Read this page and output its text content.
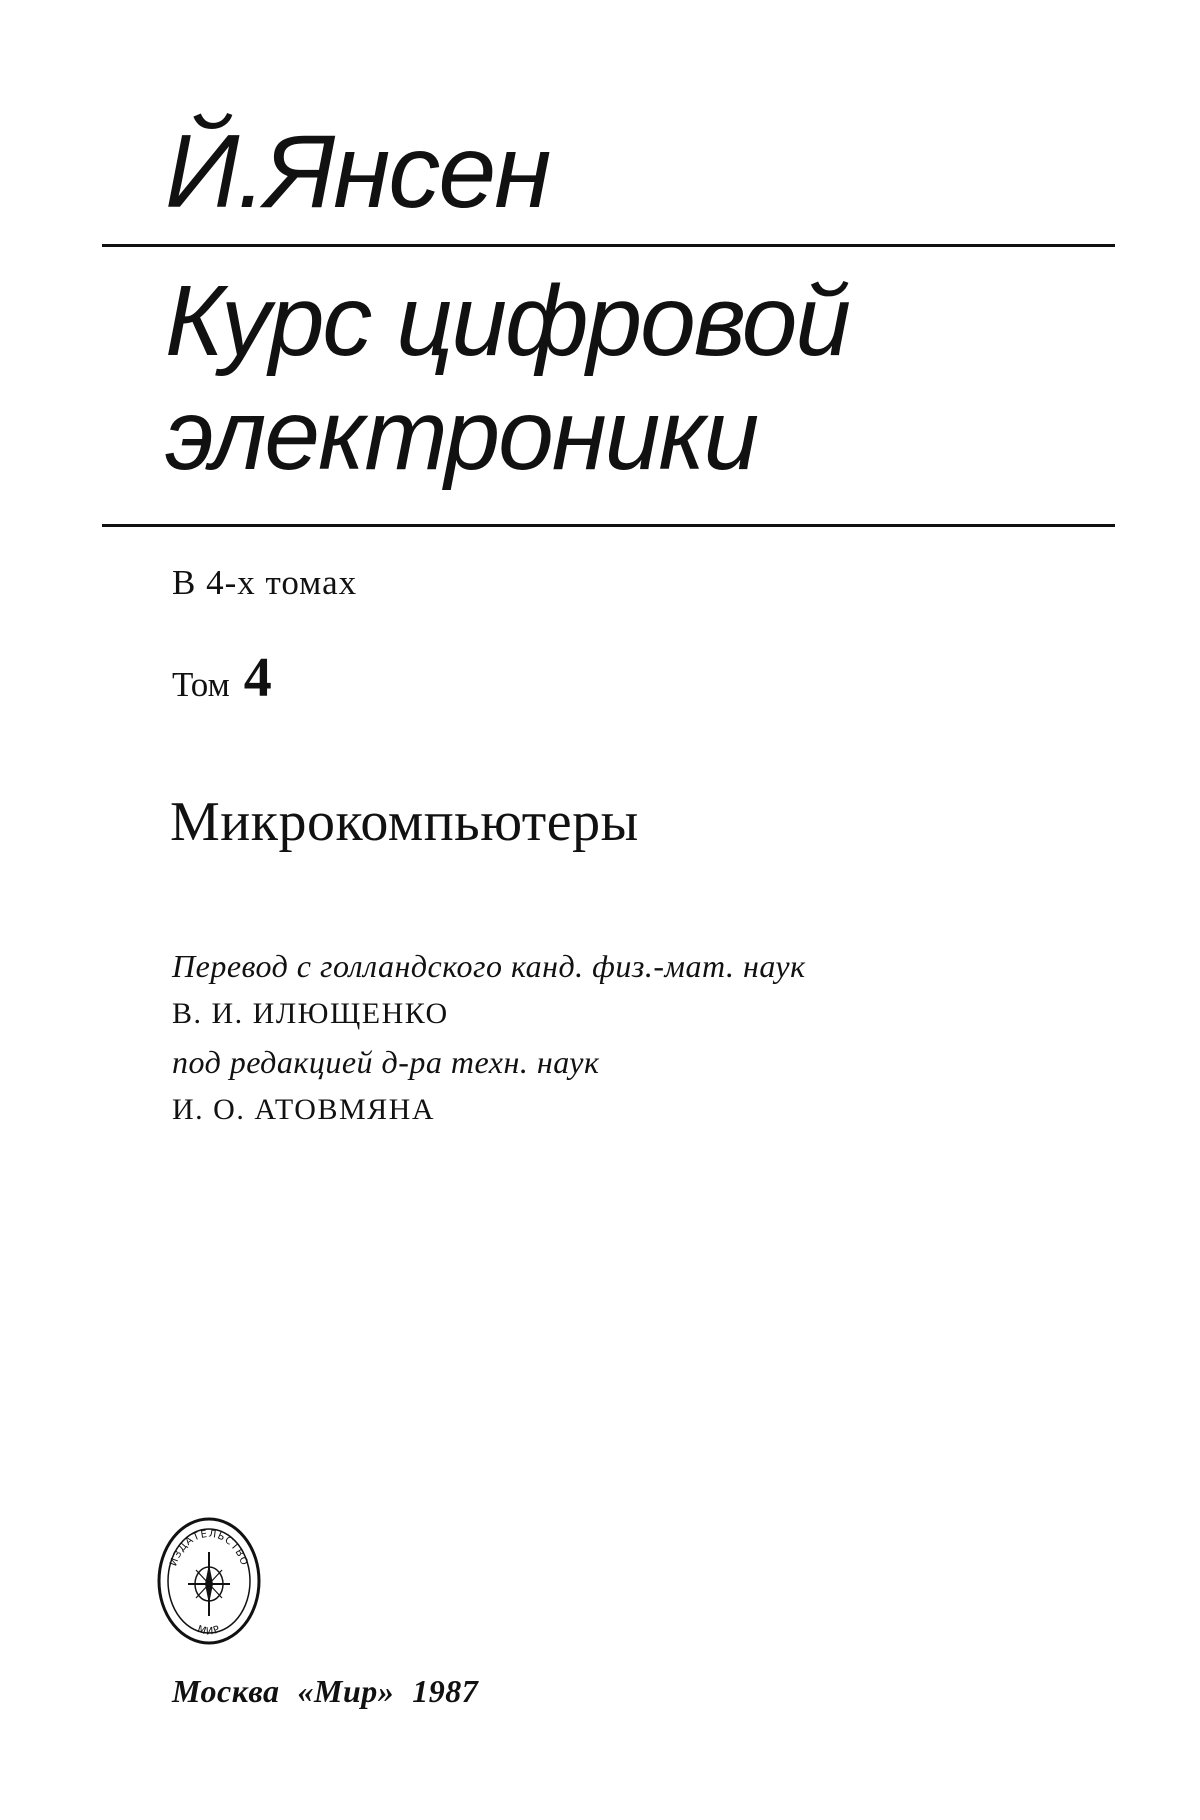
Й.Янсен
Курс цифровой
электроники
В 4-х томах
Том 4
Микрокомпьютеры
Перевод с голландского канд. физ.-мат. наук
В. И. ИЛЮЩЕНКО
под редакцией д-ра техн. наук
И. О. АТОВМЯНА
ИЗДАТЕЛЬСТВО
МИР
Москва «Мир» 1987
